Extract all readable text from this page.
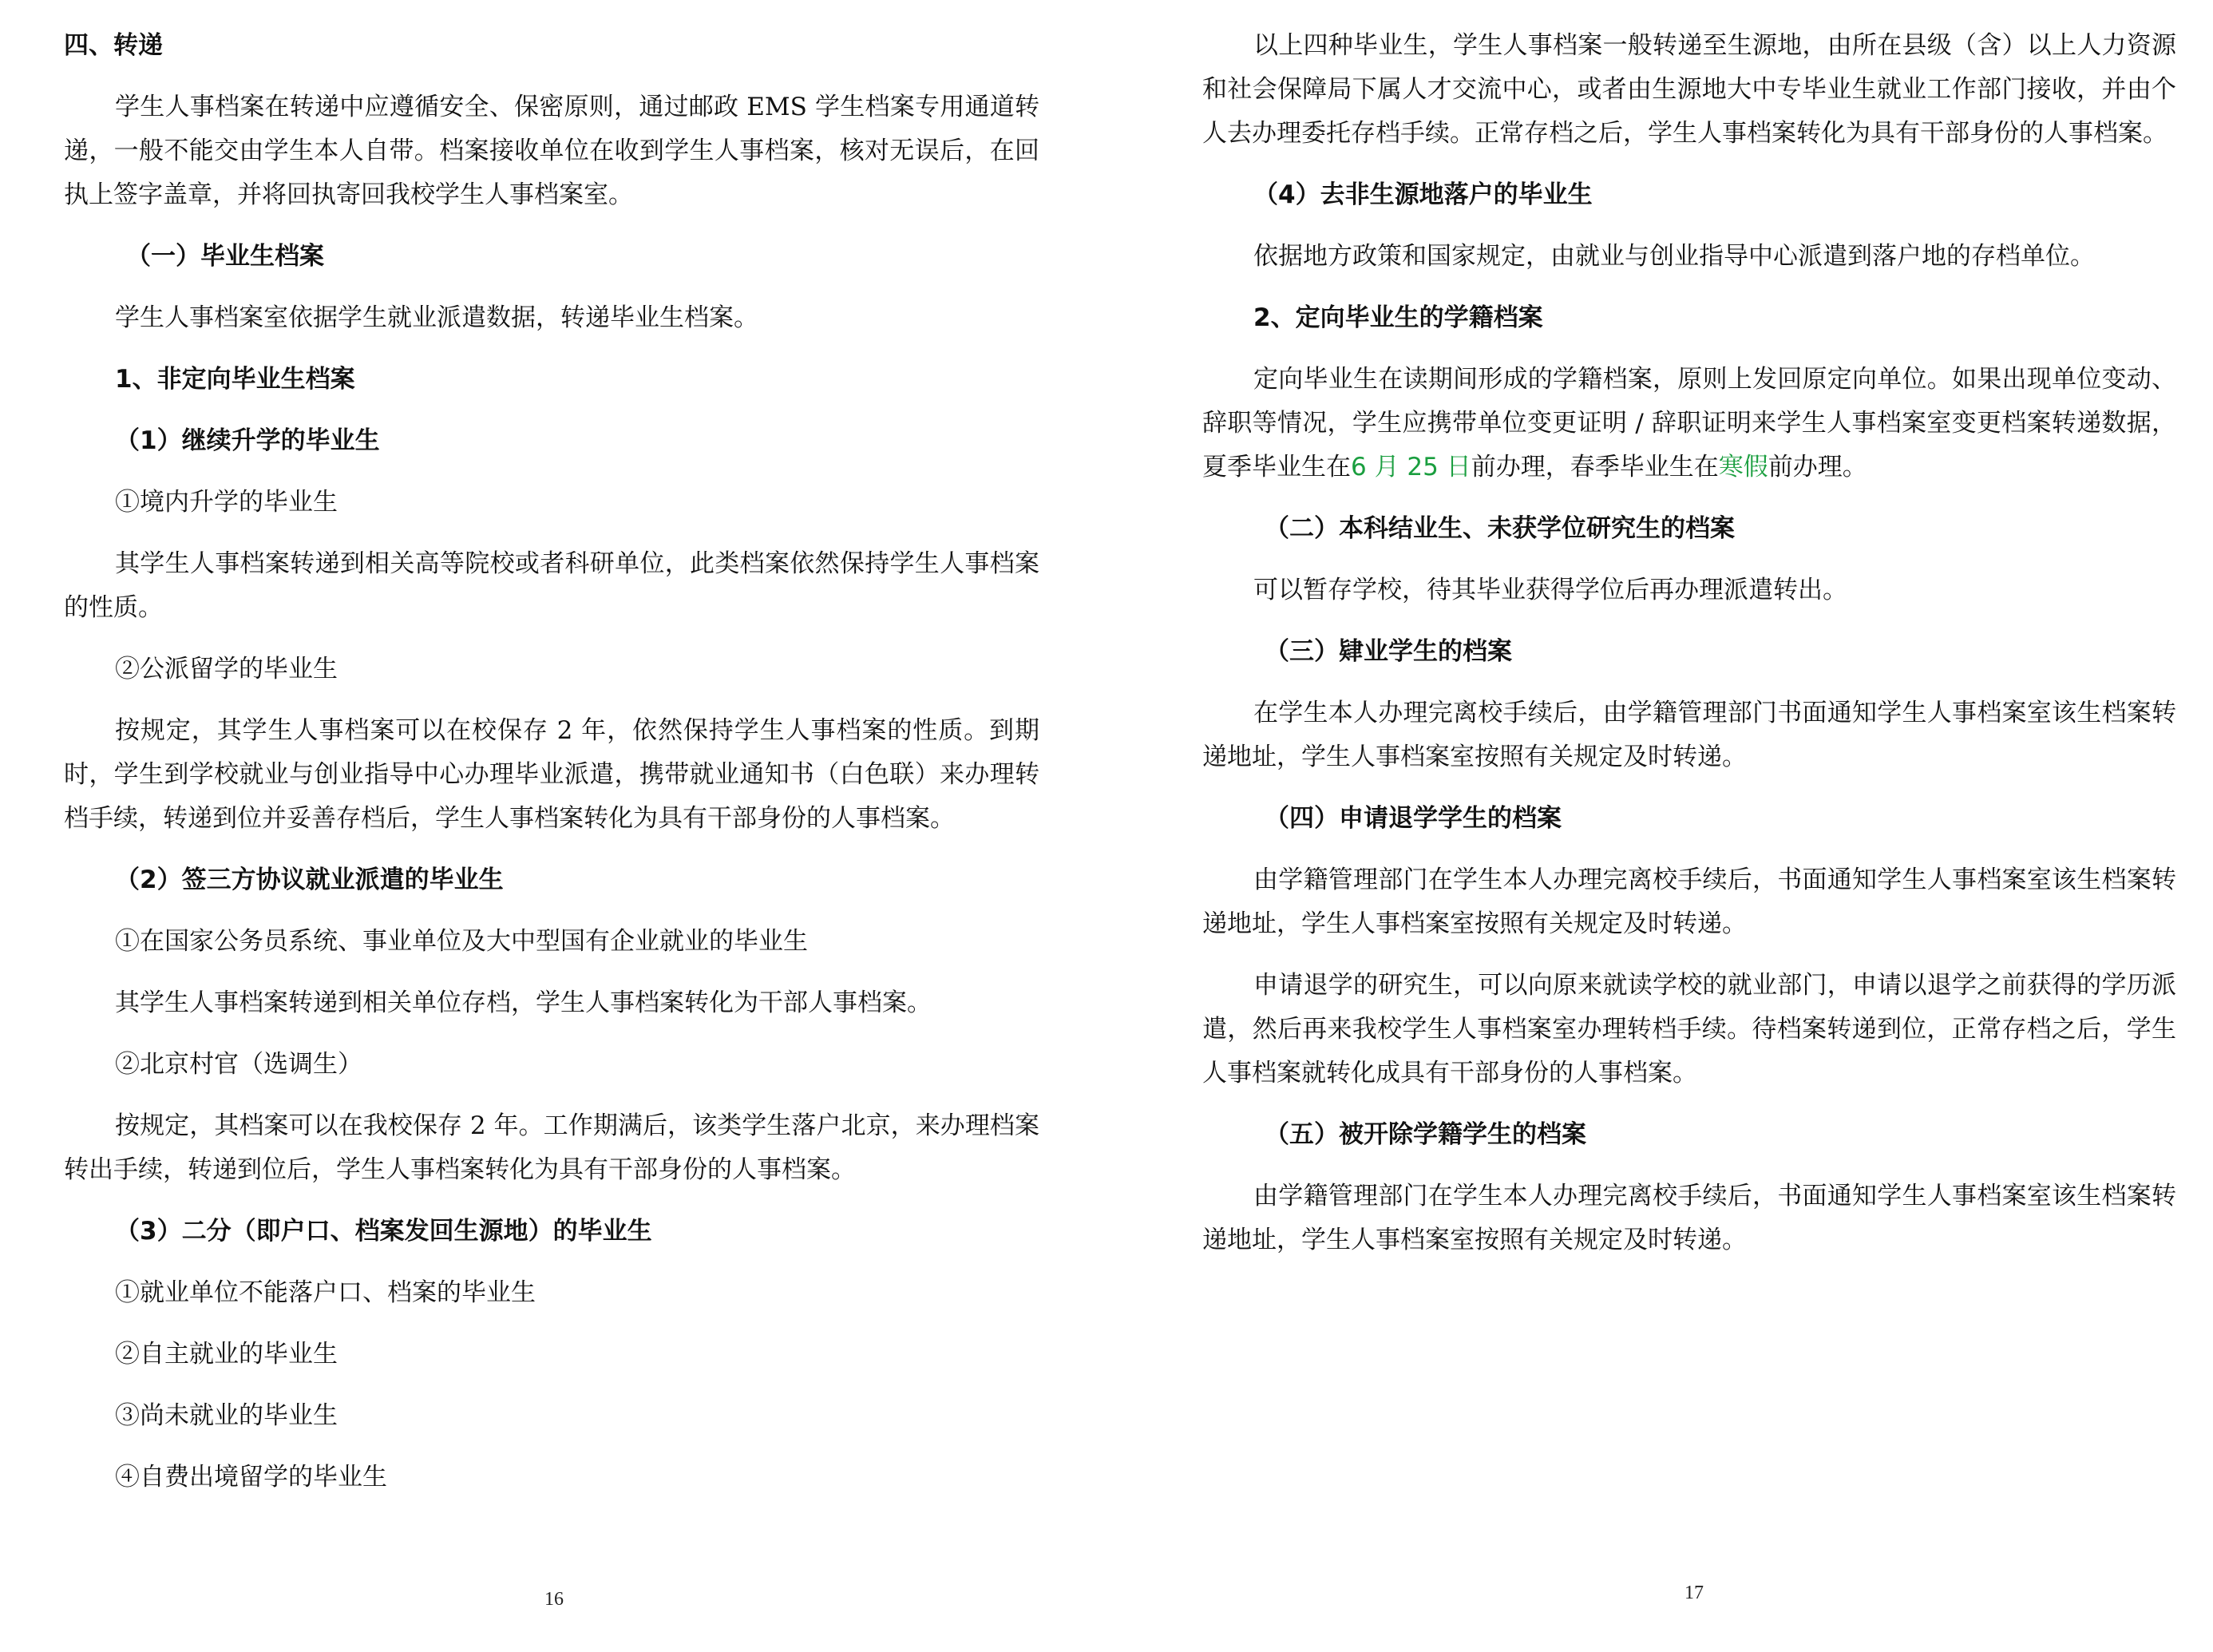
四、转递

学生人事档案在转递中应遵循安全、保密原则，通过邮政 EMS 学生档案专用通道转递，一般不能交由学生本人自带。档案接收单位在收到学生人事档案，核对无误后，在回执上签字盖章，并将回执寄回我校学生人事档案室。

（一）毕业生档案

学生人事档案室依据学生就业派遣数据，转递毕业生档案。

1、非定向毕业生档案

（1）继续升学的毕业生

①境内升学的毕业生

其学生人事档案转递到相关高等院校或者科研单位，此类档案依然保持学生人事档案的性质。

②公派留学的毕业生

按规定，其学生人事档案可以在校保存 2 年，依然保持学生人事档案的性质。到期时，学生到学校就业与创业指导中心办理毕业派遣，携带就业通知书（白色联）来办理转档手续，转递到位并妥善存档后，学生人事档案转化为具有干部身份的人事档案。

（2）签三方协议就业派遣的毕业生

①在国家公务员系统、事业单位及大中型国有企业就业的毕业生

其学生人事档案转递到相关单位存档，学生人事档案转化为干部人事档案。

②北京村官（选调生）

按规定，其档案可以在我校保存 2 年。工作期满后，该类学生落户北京，来办理档案转出手续，转递到位后，学生人事档案转化为具有干部身份的人事档案。

（3）二分（即户口、档案发回生源地）的毕业生

①就业单位不能落户口、档案的毕业生

②自主就业的毕业生

③尚未就业的毕业生

④自费出境留学的毕业生

16

以上四种毕业生，学生人事档案一般转递至生源地，由所在县级（含）以上人力资源和社会保障局下属人才交流中心，或者由生源地大中专毕业生就业工作部门接收，并由个人去办理委托存档手续。正常存档之后，学生人事档案转化为具有干部身份的人事档案。

（4）去非生源地落户的毕业生

依据地方政策和国家规定，由就业与创业指导中心派遣到落户地的存档单位。

2、定向毕业生的学籍档案

定向毕业生在读期间形成的学籍档案，原则上发回原定向单位。如果出现单位变动、辞职等情况，学生应携带单位变更证明 / 辞职证明来学生人事档案室变更档案转递数据，夏季毕业生在6 月 25 日前办理，春季毕业生在寒假前办理。

（二）本科结业生、未获学位研究生的档案

可以暂存学校，待其毕业获得学位后再办理派遣转出。

（三）肄业学生的档案

在学生本人办理完离校手续后，由学籍管理部门书面通知学生人事档案室该生档案转递地址，学生人事档案室按照有关规定及时转递。

（四）申请退学学生的档案

由学籍管理部门在学生本人办理完离校手续后，书面通知学生人事档案室该生档案转递地址，学生人事档案室按照有关规定及时转递。

申请退学的研究生，可以向原来就读学校的就业部门，申请以退学之前获得的学历派遣，然后再来我校学生人事档案室办理转档手续。待档案转递到位，正常存档之后，学生人事档案就转化成具有干部身份的人事档案。

（五）被开除学籍学生的档案

由学籍管理部门在学生本人办理完离校手续后，书面通知学生人事档案室该生档案转递地址，学生人事档案室按照有关规定及时转递。

17
